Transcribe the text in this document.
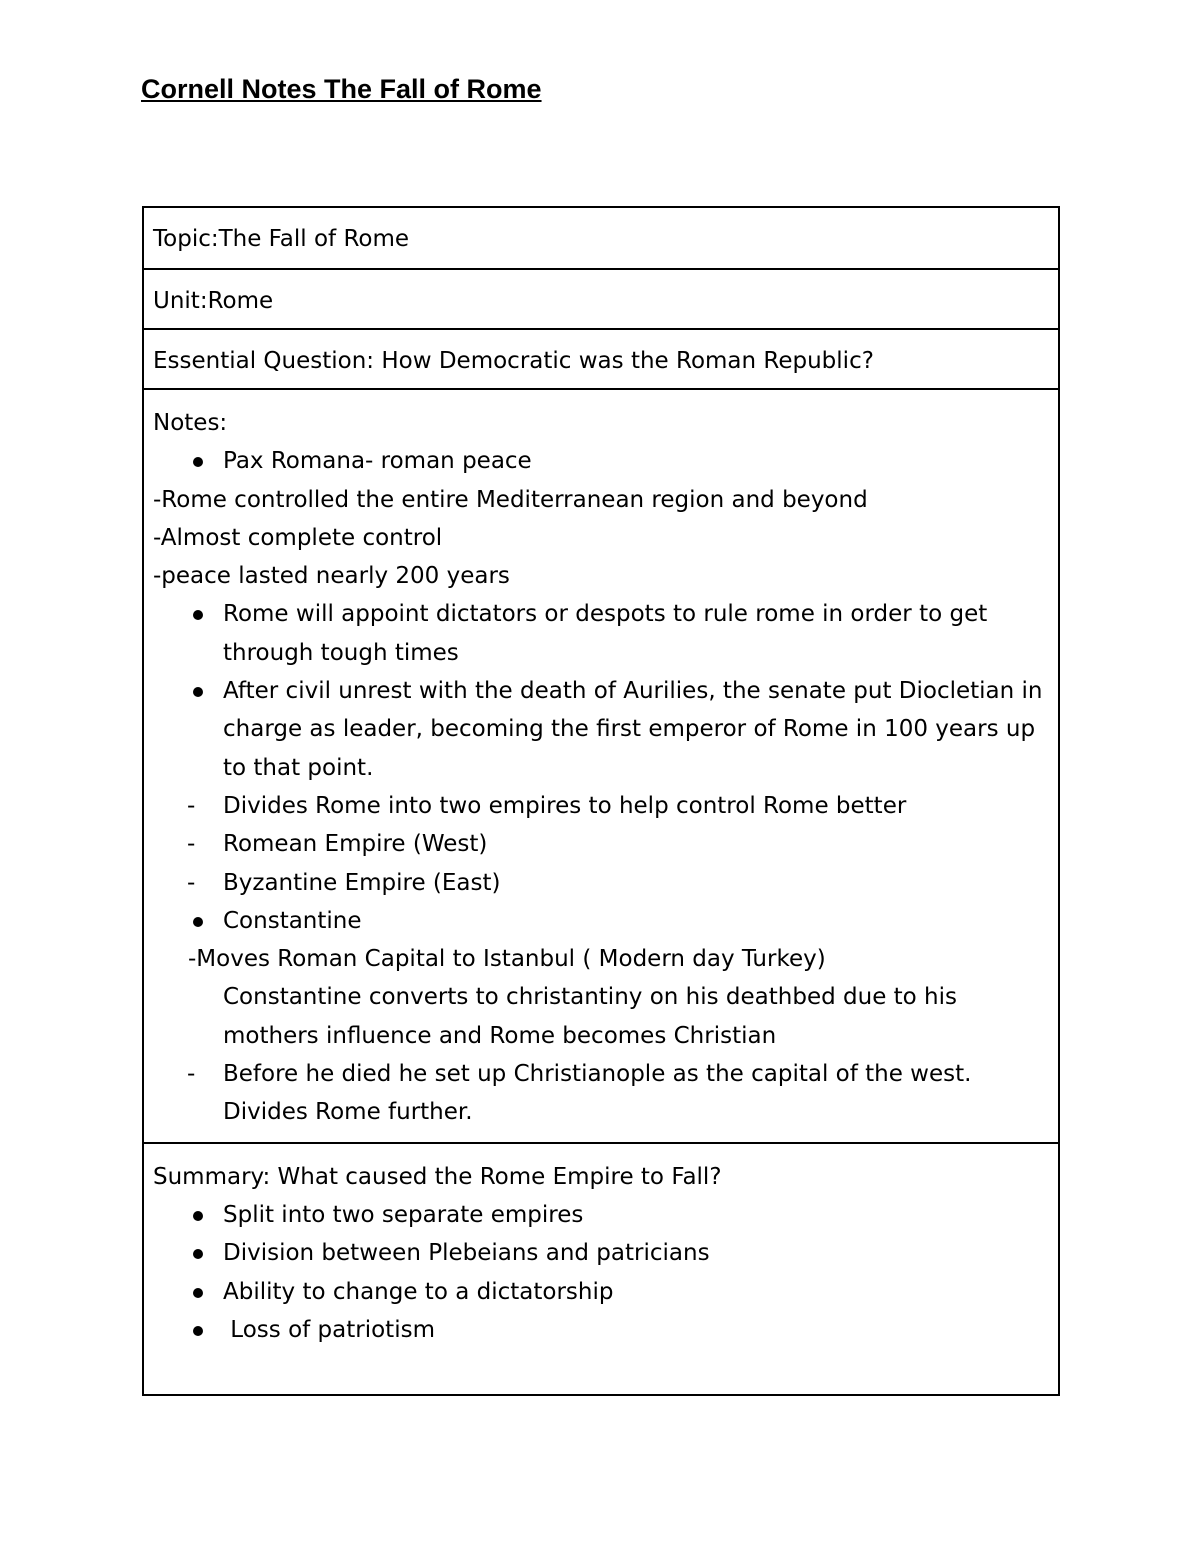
Cornell Notes The Fall of Rome
Topic:The Fall of Rome
Unit:Rome
Essential Question: How Democratic was the Roman Republic?
Notes:
Pax Romana- roman peace
-Rome controlled the entire Mediterranean region and beyond
-Almost complete control
-peace lasted nearly 200 years
Rome will appoint dictators or despots to rule rome in order to get through tough times
After civil unrest with the death of Aurilies, the senate put Diocletian in charge as leader, becoming the first emperor of Rome in 100 years up to that point.
-
Divides Rome into two empires to help control Rome better
-
Romean Empire (West)
-
Byzantine Empire (East)
Constantine
-Moves Roman Capital to Istanbul ( Modern day Turkey)
Constantine converts to christantiny on his deathbed due to his mothers influence and Rome becomes Christian
-
Before he died he set up Christianople as the capital of the west. Divides Rome further.
Summary: What caused the Rome Empire to Fall?
Split into two separate empires
Division between Plebeians and patricians
Ability to change to a dictatorship
Loss of patriotism
